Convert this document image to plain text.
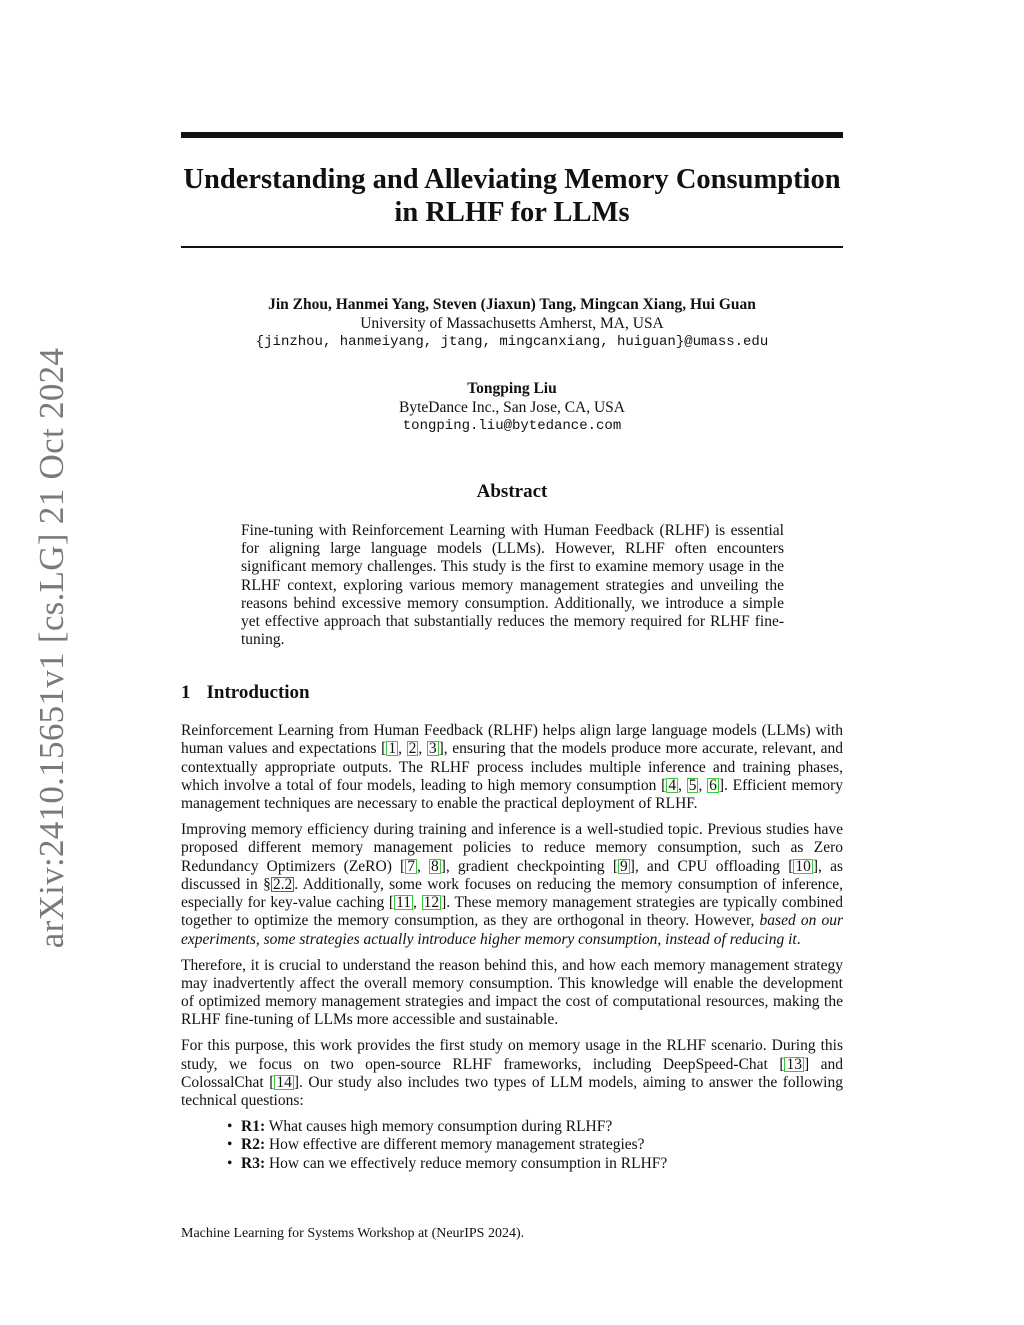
arXiv:2410.15651v1 [cs.LG] 21 Oct 2024
Understanding and Alleviating Memory Consumption in RLHF for LLMs
Jin Zhou, Hanmei Yang, Steven (Jiaxun) Tang, Mingcan Xiang, Hui Guan
University of Massachusetts Amherst, MA, USA
{jinzhou, hanmeiyang, jtang, mingcanxiang, huiguan}@umass.edu
Tongping Liu
ByteDance Inc., San Jose, CA, USA
tongping.liu@bytedance.com
Abstract

Fine-tuning with Reinforcement Learning with Human Feedback (RLHF) is essential for aligning large language models (LLMs). However, RLHF often encounters significant memory challenges. This study is the first to examine memory usage in the RLHF context, exploring various memory management strategies and unveiling the reasons behind excessive memory consumption. Additionally, we introduce a simple yet effective approach that substantially reduces the memory required for RLHF fine-tuning.

1 Introduction

Reinforcement Learning from Human Feedback (RLHF) helps align large language models (LLMs) with human values and expectations [ 1 , 2 , 3 ], ensuring that the models produce more accurate, relevant, and contextually appropriate outputs. The RLHF process includes multiple inference and training phases, which involve a total of four models, leading to high memory consumption [ 4 , 5 , 6 ]. Efficient memory management techniques are necessary to enable the practical deployment of RLHF.

Improving memory efficiency during training and inference is a well-studied topic. Previous studies have proposed different memory management policies to reduce memory consumption, such as Zero Redundancy Optimizers (ZeRO) [ 7 , 8 ], gradient checkpointing [ 9 ], and CPU offloading [ 10 ], as discussed in § 2.2 . Additionally, some work focuses on reducing the memory consumption of inference, especially for key-value caching [ 11 , 12 ]. These memory management strategies are typically combined together to optimize the memory consumption, as they are orthogonal in theory. However, based on our experiments, some strategies actually introduce higher memory consumption, instead of reducing it.

Therefore, it is crucial to understand the reason behind this, and how each memory management strategy may inadvertently affect the overall memory consumption. This knowledge will enable the development of optimized memory management strategies and impact the cost of computational resources, making the RLHF fine-tuning of LLMs more accessible and sustainable.

For this purpose, this work provides the first study on memory usage in the RLHF scenario. During this study, we focus on two open-source RLHF frameworks, including DeepSpeed-Chat [ 13 ] and ColossalChat [ 14 ]. Our study also includes two types of LLM models, aiming to answer the following technical questions:

• R1: What causes high memory consumption during RLHF?
• R2: How effective are different memory management strategies?
• R3: How can we effectively reduce memory consumption in RLHF?
Machine Learning for Systems Workshop at (NeurIPS 2024).
